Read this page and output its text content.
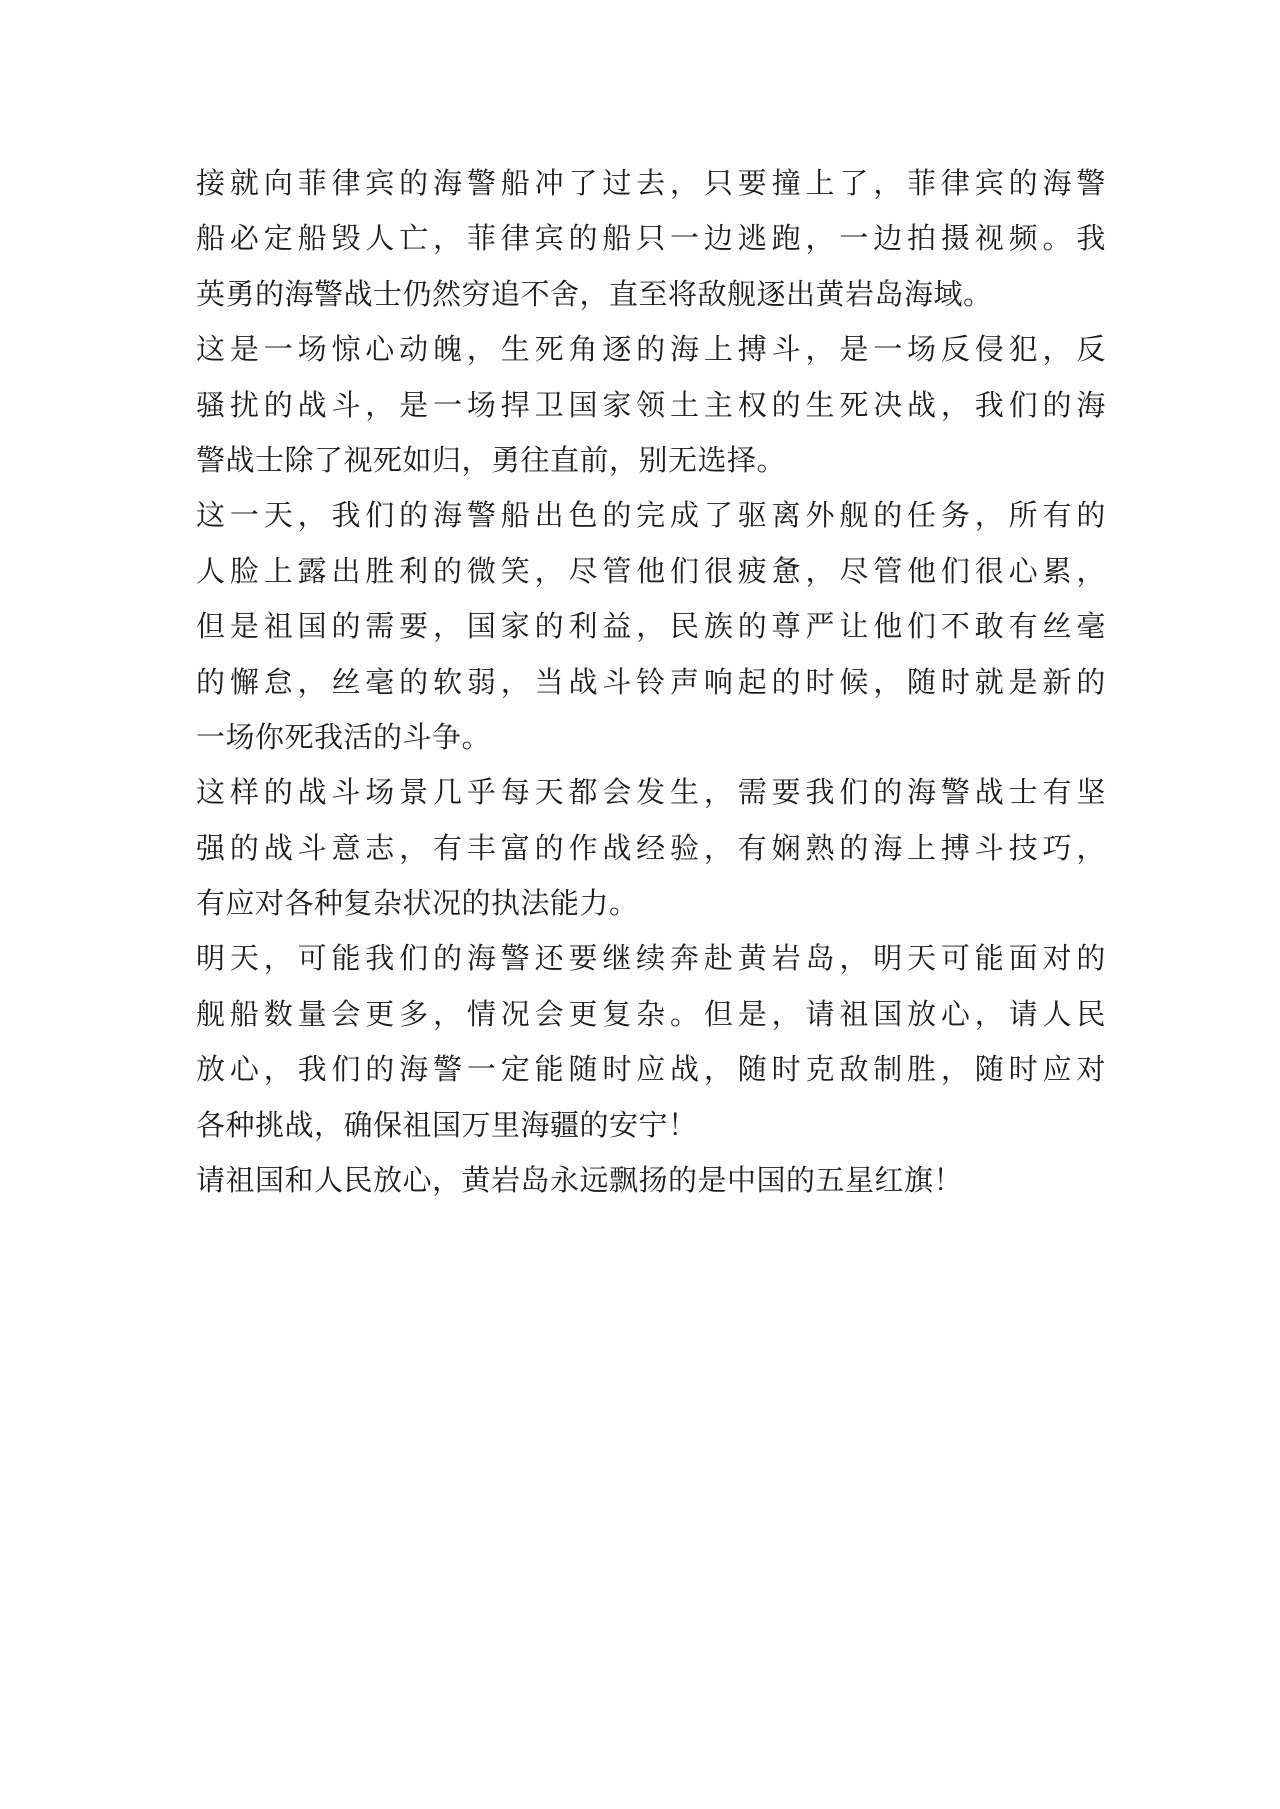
接 就 向 菲 律 宾 的 海 警 船 冲 了 过 去 ， 只 要 撞 上 了 ， 菲 律 宾 的 海 警
船 必 定 船 毁 人 亡 ， 菲 律 宾 的 船 只 一 边 逃 跑 ， 一 边 拍 摄 视 频 。 我
英勇的海警战士仍然穷追不舍，直至将敌舰逐出黄岩岛海域。
这 是 一 场 惊 心 动 魄 ， 生 死 角 逐 的 海 上 搏 斗 ， 是 一 场 反 侵 犯 ， 反
骚 扰 的 战 斗 ， 是 一 场 捍 卫 国 家 领 土 主 权 的 生 死 决 战 ， 我 们 的 海
警战士除了视死如归，勇往直前，别无选择。
这 一 天 ， 我 们 的 海 警 船 出 色 的 完 成 了 驱 离 外 舰 的 任 务 ， 所 有 的
人 脸 上 露 出 胜 利 的 微 笑 ， 尽 管 他 们 很 疲 惫 ， 尽 管 他 们 很 心 累 ，
但 是 祖 国 的 需 要 ， 国 家 的 利 益 ， 民 族 的 尊 严 让 他 们 不 敢 有 丝 毫
的 懈 怠 ， 丝 毫 的 软 弱 ， 当 战 斗 铃 声 响 起 的 时 候 ， 随 时 就 是 新 的
一场你死我活的斗争。
这 样 的 战 斗 场 景 几 乎 每 天 都 会 发 生 ， 需 要 我 们 的 海 警 战 士 有 坚
强 的 战 斗 意 志 ， 有 丰 富 的 作 战 经 验 ， 有 娴 熟 的 海 上 搏 斗 技 巧 ，
有应对各种复杂状况的执法能力。
明 天 ， 可 能 我 们 的 海 警 还 要 继 续 奔 赴 黄 岩 岛 ， 明 天 可 能 面 对 的
舰 船 数 量 会 更 多 ， 情 况 会 更 复 杂 。 但 是 ， 请 祖 国 放 心 ， 请 人 民
放 心 ， 我 们 的 海 警 一 定 能 随 时 应 战 ， 随 时 克 敌 制 胜 ， 随 时 应 对
各种挑战，确保祖国万里海疆的安宁！
请祖国和人民放心，黄岩岛永远飘扬的是中国的五星红旗！
